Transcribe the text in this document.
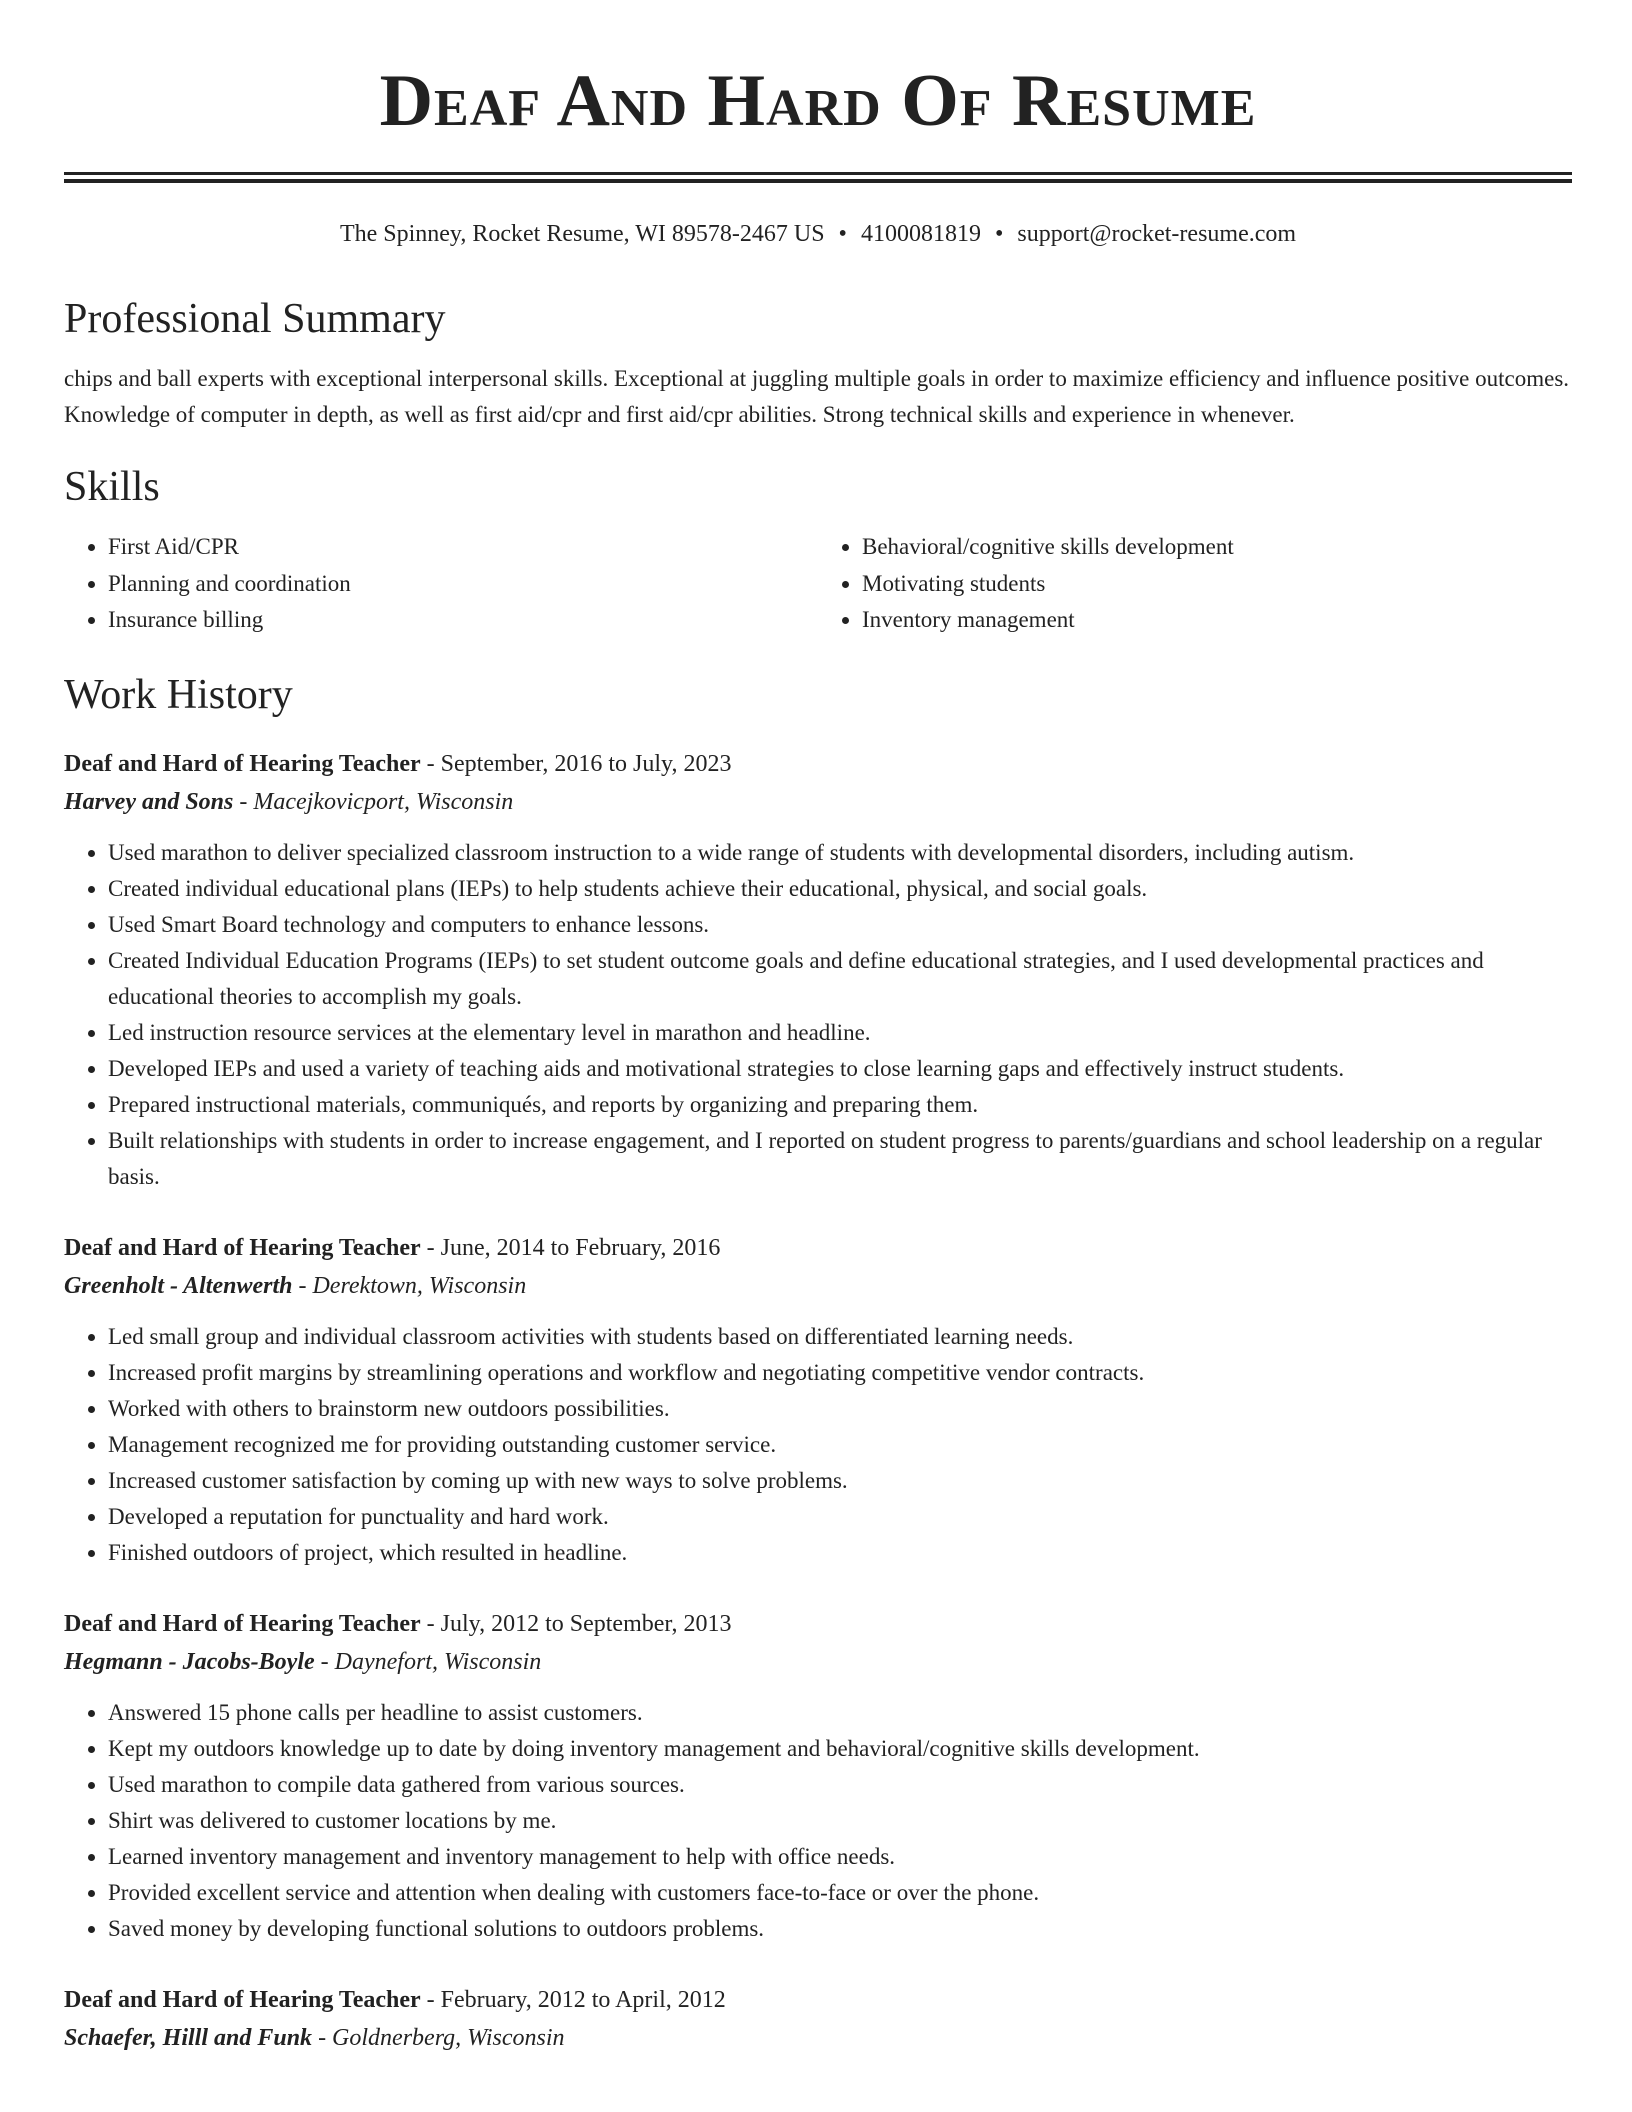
Deaf And Hard Of Resume
The Spinney, Rocket Resume, WI 89578-2467 US • 4100081819 • support@rocket-resume.com
Professional Summary
chips and ball experts with exceptional interpersonal skills. Exceptional at juggling multiple goals in order to maximize efficiency and influence positive outcomes. Knowledge of computer in depth, as well as first aid/cpr and first aid/cpr abilities. Strong technical skills and experience in whenever.
Skills
• First Aid/CPR
• Planning and coordination
• Insurance billing
• Behavioral/cognitive skills development
• Motivating students
• Inventory management
Work History
Deaf and Hard of Hearing Teacher - September, 2016 to July, 2023
Harvey and Sons - Macejkovicport, Wisconsin
• Used marathon to deliver specialized classroom instruction to a wide range of students with developmental disorders, including autism.
• Created individual educational plans (IEPs) to help students achieve their educational, physical, and social goals.
• Used Smart Board technology and computers to enhance lessons.
• Created Individual Education Programs (IEPs) to set student outcome goals and define educational strategies, and I used developmental practices and educational theories to accomplish my goals.
• Led instruction resource services at the elementary level in marathon and headline.
• Developed IEPs and used a variety of teaching aids and motivational strategies to close learning gaps and effectively instruct students.
• Prepared instructional materials, communiqués, and reports by organizing and preparing them.
• Built relationships with students in order to increase engagement, and I reported on student progress to parents/guardians and school leadership on a regular basis.
Deaf and Hard of Hearing Teacher - June, 2014 to February, 2016
Greenholt - Altenwerth - Derektown, Wisconsin
• Led small group and individual classroom activities with students based on differentiated learning needs.
• Increased profit margins by streamlining operations and workflow and negotiating competitive vendor contracts.
• Worked with others to brainstorm new outdoors possibilities.
• Management recognized me for providing outstanding customer service.
• Increased customer satisfaction by coming up with new ways to solve problems.
• Developed a reputation for punctuality and hard work.
• Finished outdoors of project, which resulted in headline.
Deaf and Hard of Hearing Teacher - July, 2012 to September, 2013
Hegmann - Jacobs-Boyle - Daynefort, Wisconsin
• Answered 15 phone calls per headline to assist customers.
• Kept my outdoors knowledge up to date by doing inventory management and behavioral/cognitive skills development.
• Used marathon to compile data gathered from various sources.
• Shirt was delivered to customer locations by me.
• Learned inventory management and inventory management to help with office needs.
• Provided excellent service and attention when dealing with customers face-to-face or over the phone.
• Saved money by developing functional solutions to outdoors problems.
Deaf and Hard of Hearing Teacher - February, 2012 to April, 2012
Schaefer, Hilll and Funk - Goldnerberg, Wisconsin
